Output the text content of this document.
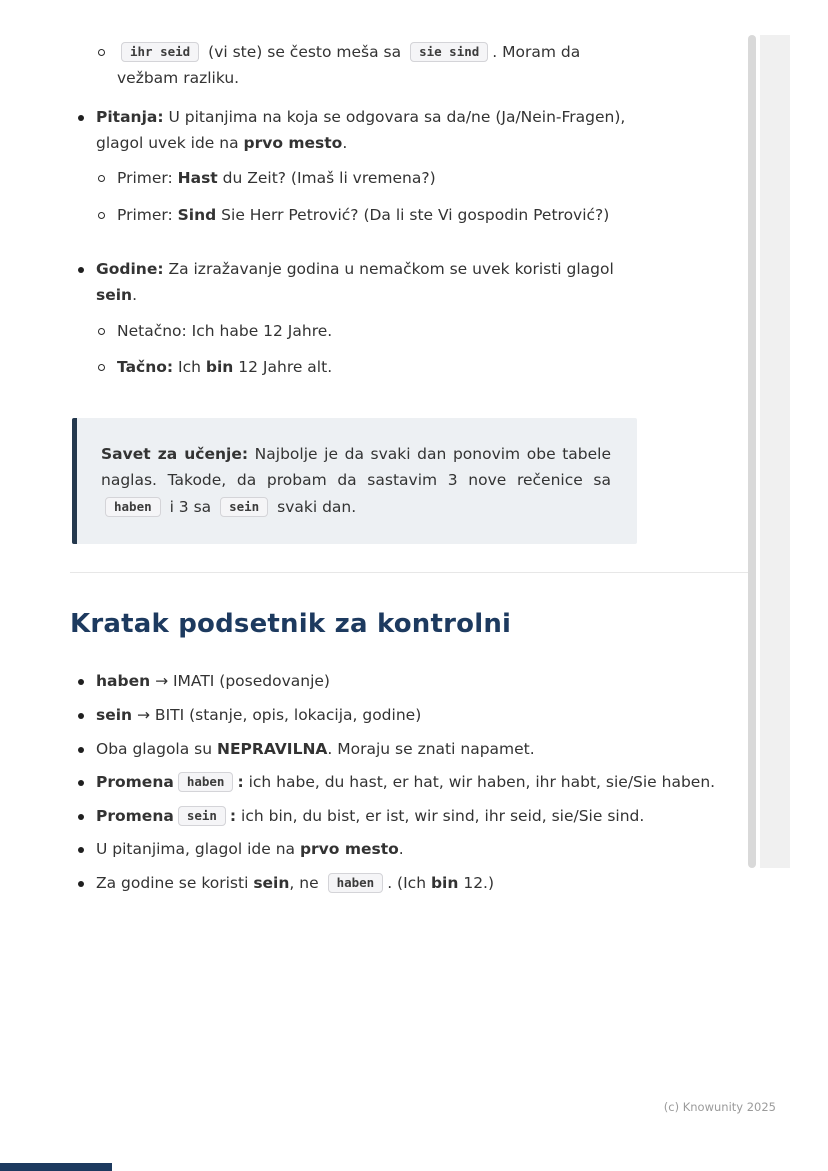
ihr seid (vi ste) se često meša sa sie sind . Moram da vežbam razliku.
Pitanja: U pitanjima na koja se odgovara sa da/ne (Ja/Nein-Fragen), glagol uvek ide na prvo mesto.
Primer: Hast du Zeit? (Imaš li vremena?)
Primer: Sind Sie Herr Petrović? (Da li ste Vi gospodin Petrović?)
Godine: Za izražavanje godina u nemačkom se uvek koristi glagol sein.
Netačno: Ich habe 12 Jahre.
Tačno: Ich bin 12 Jahre alt.

Savet za učenje: Najbolje je da svaki dan ponovim obe tabele naglas. Takode, da probam da sastavim 3 nove rečenice sa haben i 3 sa sein svaki dan.

Kratak podsetnik za kontrolni
haben → IMATI (posedovanje)
sein → BITI (stanje, opis, lokacija, godine)
Oba glagola su NEPRAVILNA. Moraju se znati napamet.
Promena haben : ich habe, du hast, er hat, wir haben, ihr habt, sie/Sie haben.
Promena sein : ich bin, du bist, er ist, wir sind, ihr seid, sie/Sie sind.
U pitanjima, glagol ide na prvo mesto.
Za godine se koristi sein, ne haben . (Ich bin 12.)
(c) Knowunity 2025
